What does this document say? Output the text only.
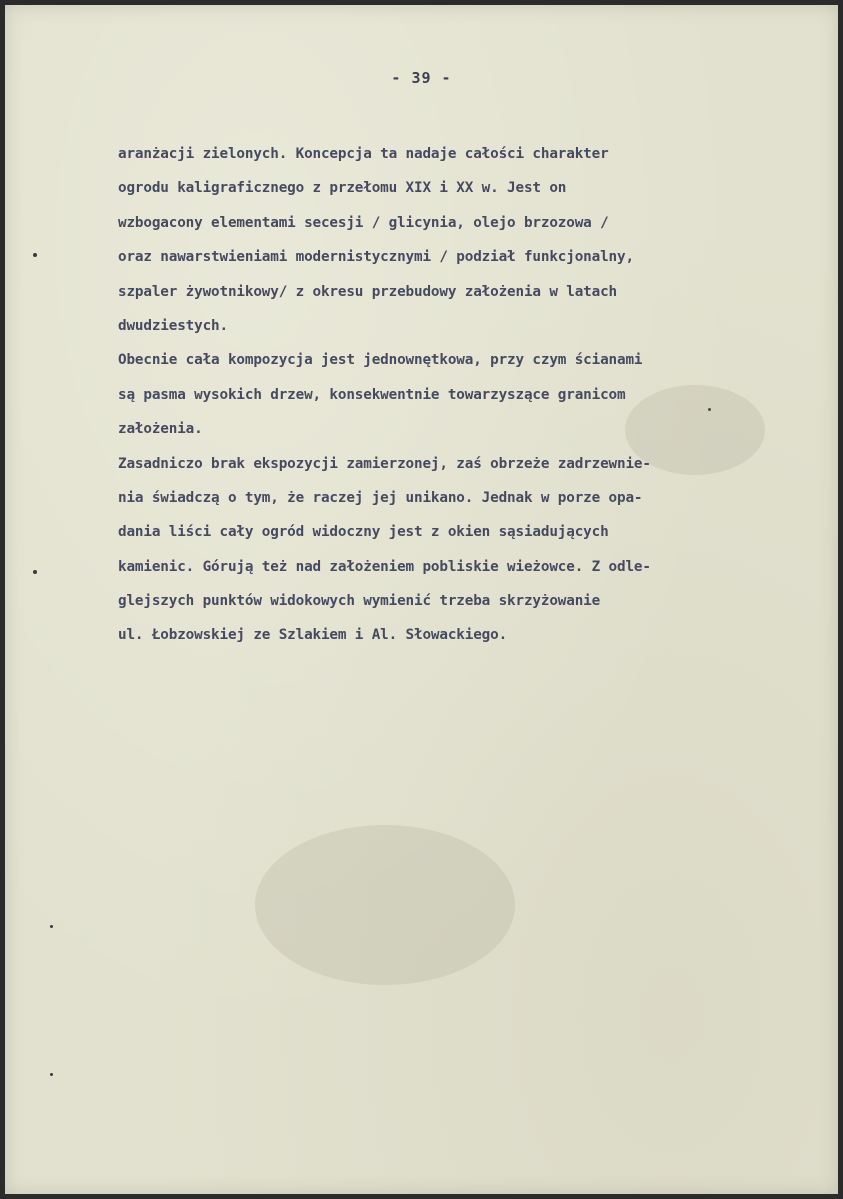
- 39 -
aranżacji zielonych. Koncepcja ta nadaje całości charakter
ogrodu kaligraficznego z przełomu XIX i XX w. Jest on
wzbogacony elementami secesji / glicynia, olejo brzozowa /
oraz nawarstwieniami modernistycznymi / podział funkcjonalny,
szpaler żywotnikowy/ z okresu przebudowy założenia w latach
dwudziestych.
Obecnie cała kompozycja jest jednownętkowa, przy czym ścianami
są pasma wysokich drzew, konsekwentnie towarzyszące granicom
założenia.
Zasadniczo brak ekspozycji zamierzonej, zaś obrzeże zadrzewnie-
nia świadczą o tym, że raczej jej unikano. Jednak w porze opa-
dania liści cały ogród widoczny jest z okien sąsiadujących
kamienic. Górują też nad założeniem pobliskie wieżowce. Z odle-
glejszych punktów widokowych wymienić trzeba skrzyżowanie
ul. Łobzowskiej ze Szlakiem i Al. Słowackiego.
